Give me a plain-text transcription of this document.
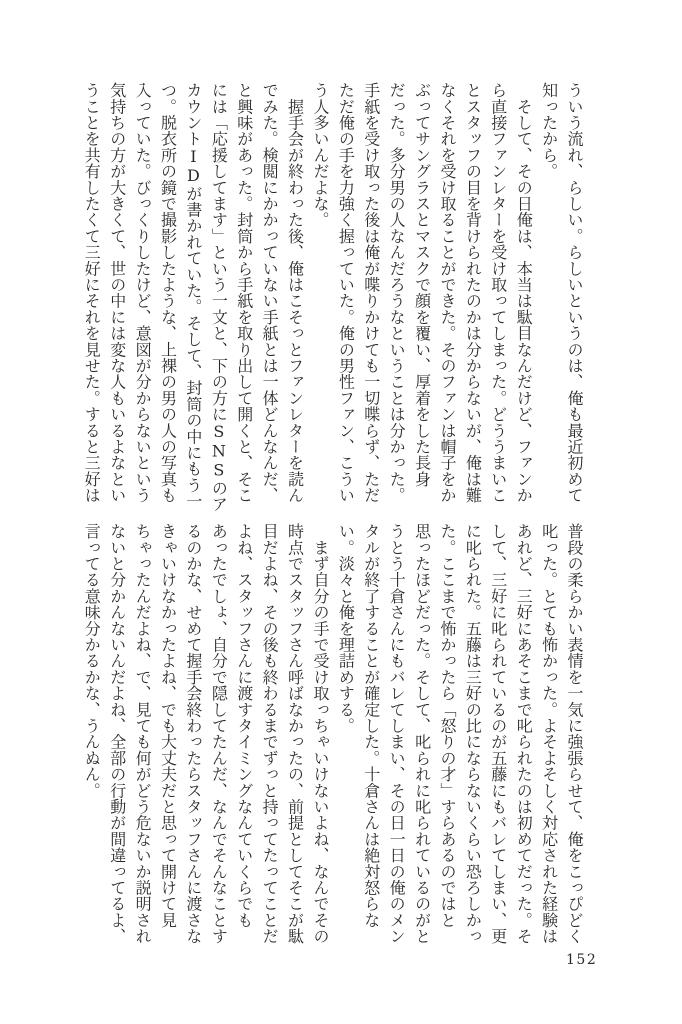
ういう流れ、らしい。らしいというのは、俺も最近初めて
知ったから。
　そして、その日俺は、本当は駄目なんだけど、ファンか
ら直接ファンレターを受け取ってしまった。どううまいこ
とスタッフの目を背けられたのかは分からないが、俺は難
なくそれを受け取ることができた。そのファンは帽子をか
ぶってサングラスとマスクで顔を覆い、厚着をした長身
だった。多分男の人なんだろうなということは分かった。
手紙を受け取った後は俺が喋りかけても一切喋らず、ただ
ただ俺の手を力強く握っていた。俺の男性ファン、こうい
う人多いんだよな。
　握手会が終わった後、俺はこそっとファンレターを読ん
でみた。検閲にかかっていない手紙とは一体どんなんだ、
と興味があった。封筒から手紙を取り出して開くと、そこ
には「応援してます」という一文と、下の方にSNSのア
カウントIDが書かれていた。そして、封筒の中にもう一
つ。脱衣所の鏡で撮影したような、上裸の男の人の写真も
入っていた。びっくりしたけど、意図が分からないという
気持ちの方が大きくて、世の中には変な人もいるよなとい
うことを共有したくて三好にそれを見せた。すると三好は
普段の柔らかい表情を一気に強張らせて、俺をこっぴどく
叱った。とても怖かった。よそよそしく対応された経験は
あれど、三好にあそこまで叱られたのは初めてだった。そ
して、三好に叱られているのが五藤にもバレてしまい、更
に叱られた。五藤は三好の比にならないくらい恐ろしかっ
た。ここまで怖かったら「怒りの才」すらあるのではと
思ったほどだった。そして、叱られに叱られているのがと
うとう十倉さんにもバレてしまい、その日一日の俺のメン
タルが終了することが確定した。十倉さんは絶対怒らな
い。淡々と俺を理詰めする。
　まず自分の手で受け取っちゃいけないよね、なんでその
時点でスタッフさん呼ばなかったの、前提としてそこが駄
目だよね、その後も終わるまでずっと持ってたってことだ
よね、スタッフさんに渡すタイミングなんていくらでも
あったでしょ、自分で隠してたんだ、なんでそんなことす
るのかな、せめて握手会終わったらスタッフさんに渡さな
きゃいけなかったよね、でも大丈夫だと思って開けて見
ちゃったんだよね、で、見ても何がどう危ないか説明され
ないと分かんないんだよね、全部の行動が間違ってるよ、
言ってる意味分かるかな、うんぬん。
152
